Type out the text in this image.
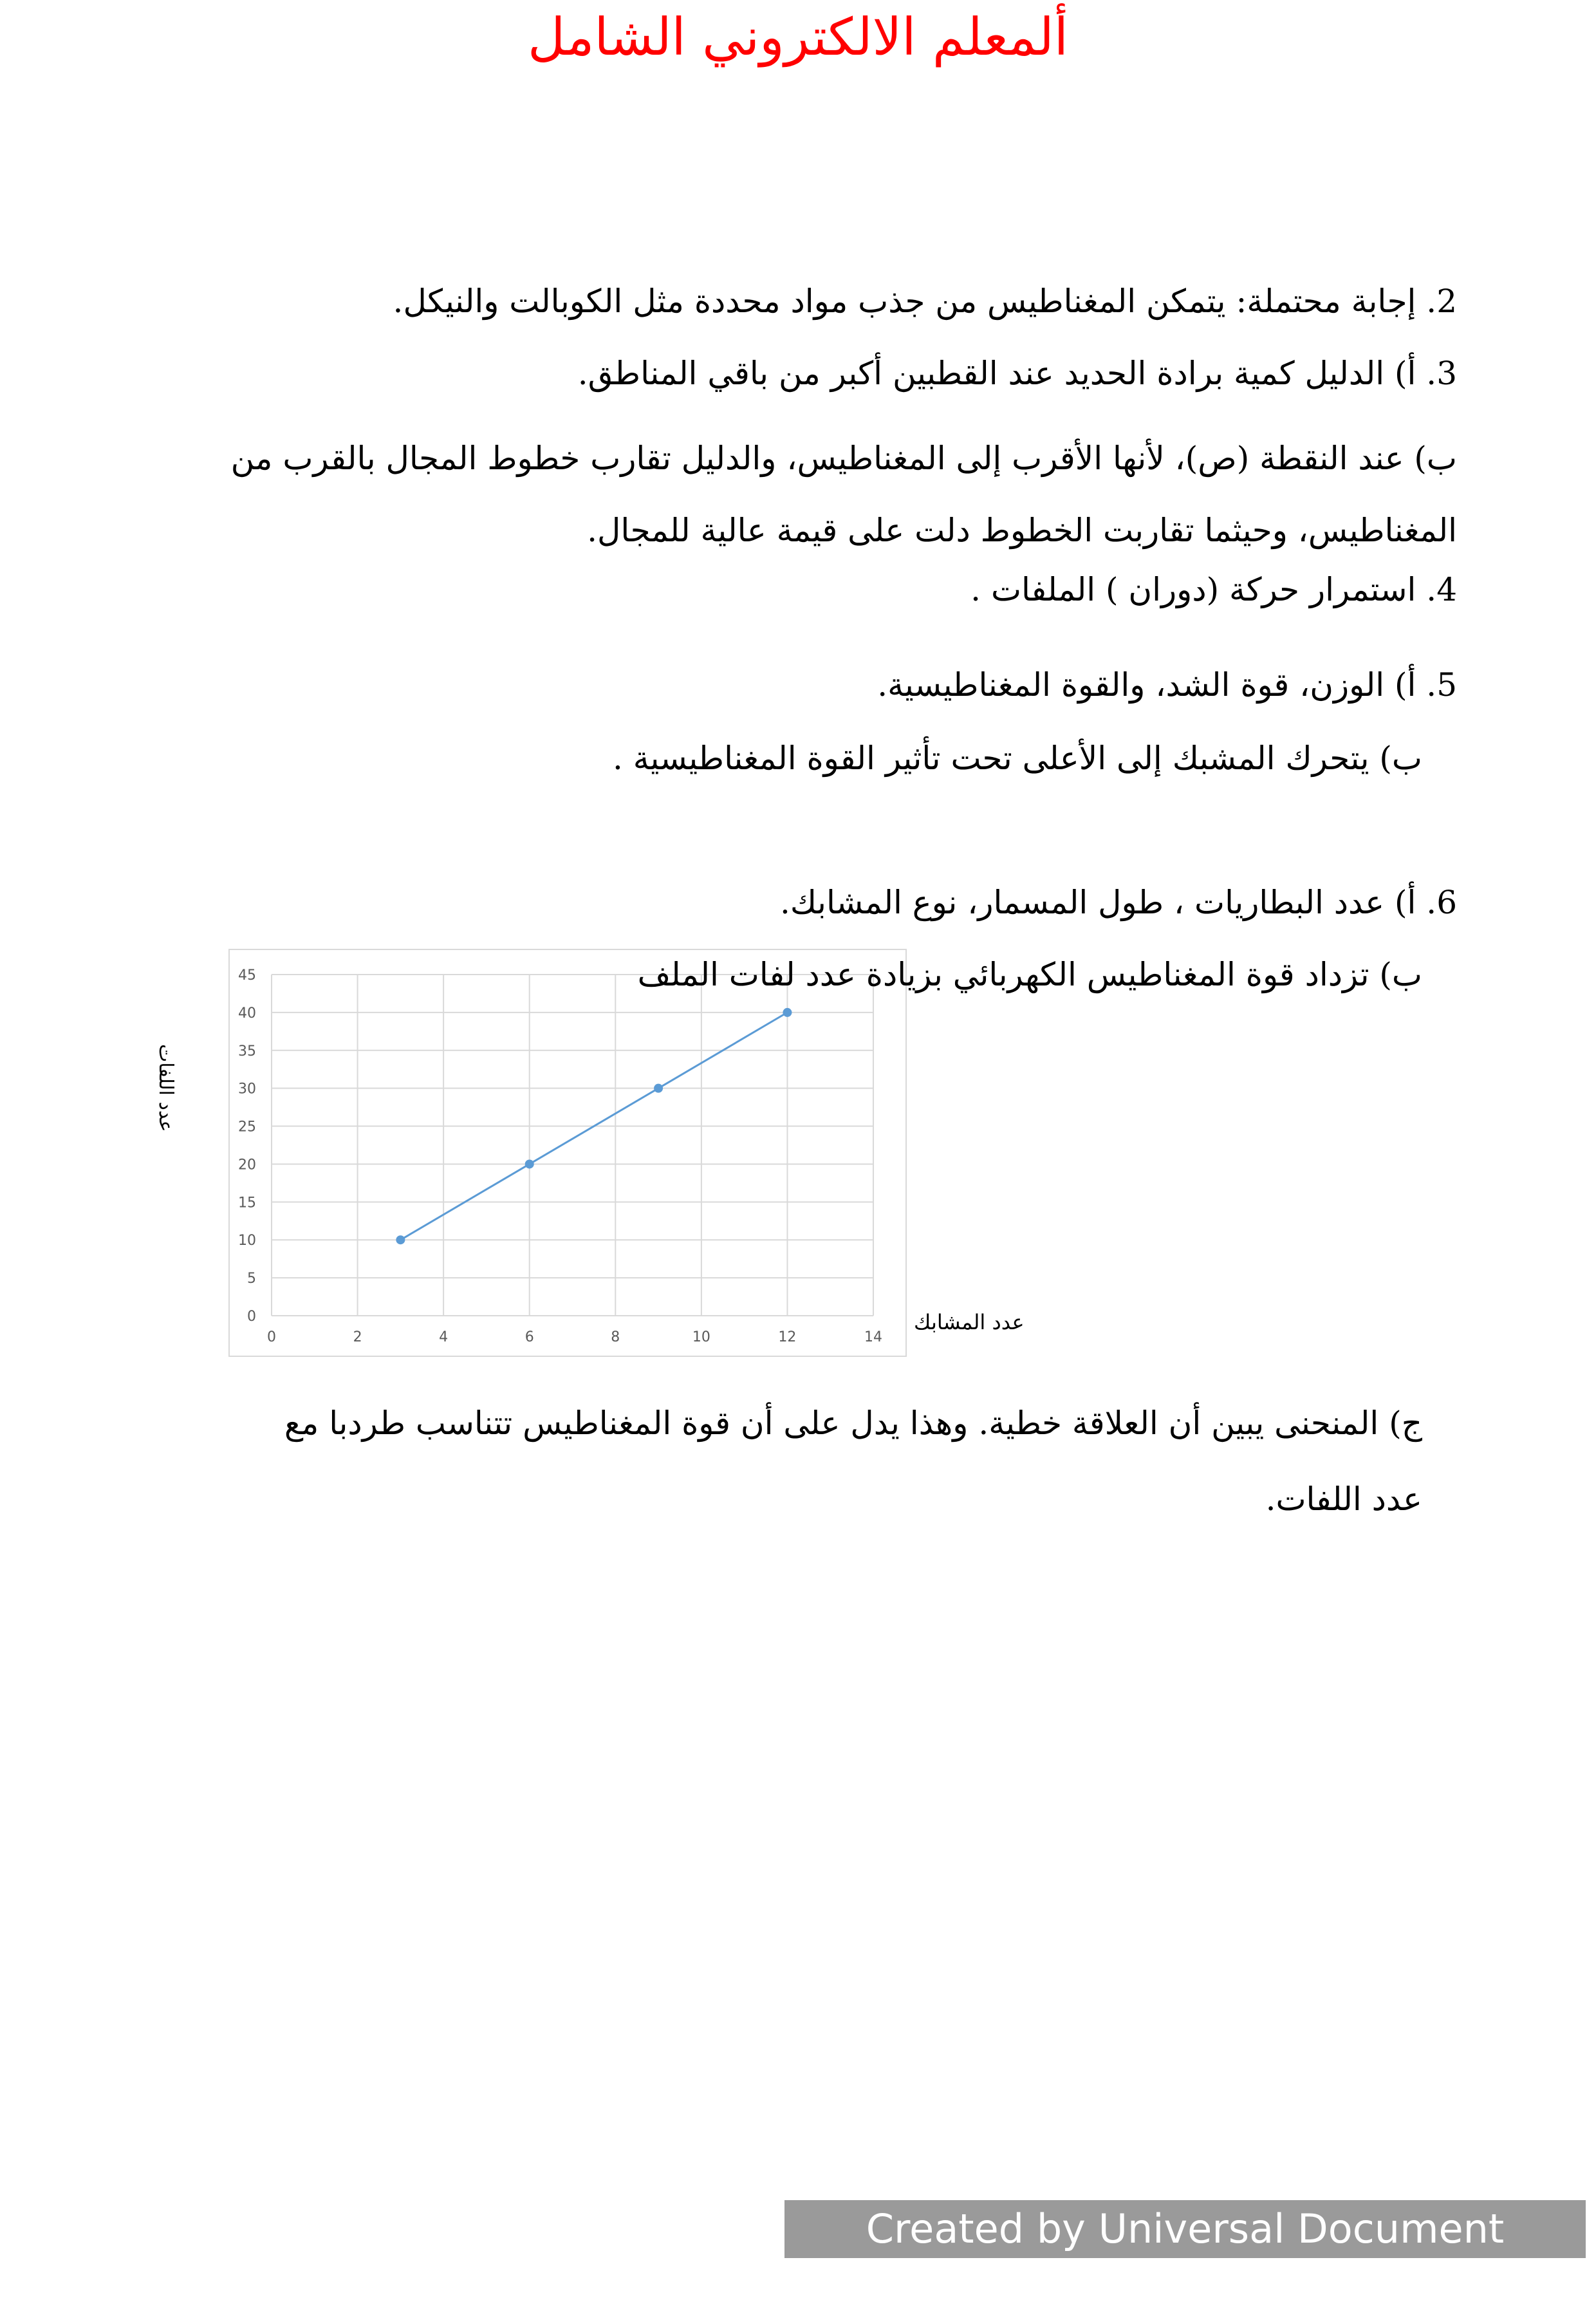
ألمعلم الالكتروني الشامل
2. إجابة محتملة: يتمكن المغناطيس من جذب مواد محددة مثل الكوبالت والنيكل.
3. أ) الدليل كمية برادة الحديد عند القطبين أكبر من باقي المناطق.
ب) عند النقطة (ص)، لأنها الأقرب إلى المغناطيس، والدليل تقارب خطوط المجال بالقرب من المغناطيس، وحيثما تقاربت الخطوط دلت على قيمة عالية للمجال.
4. استمرار حركة (دوران ) الملفات .
5. أ) الوزن، قوة الشد، والقوة المغناطيسية.
ب) يتحرك المشبك إلى الأعلى تحت تأثير القوة المغناطيسية .
6. أ) عدد البطاريات ، طول المسمار، نوع المشابك.
0	2	4	6	8	10	12	14
0
5
10
15
20
25
30
35
40
45	ب) تزداد قوة المغناطيس الكهربائي بزيادة عدد لفات الملف
عدد اللفات
عدد المشابك
ج) المنحنى يبين أن العلاقة خطية. وهذا يدل على أن قوة المغناطيس تتناسب طردبا مع عدد اللفات.
Created by Universal Document Converter
